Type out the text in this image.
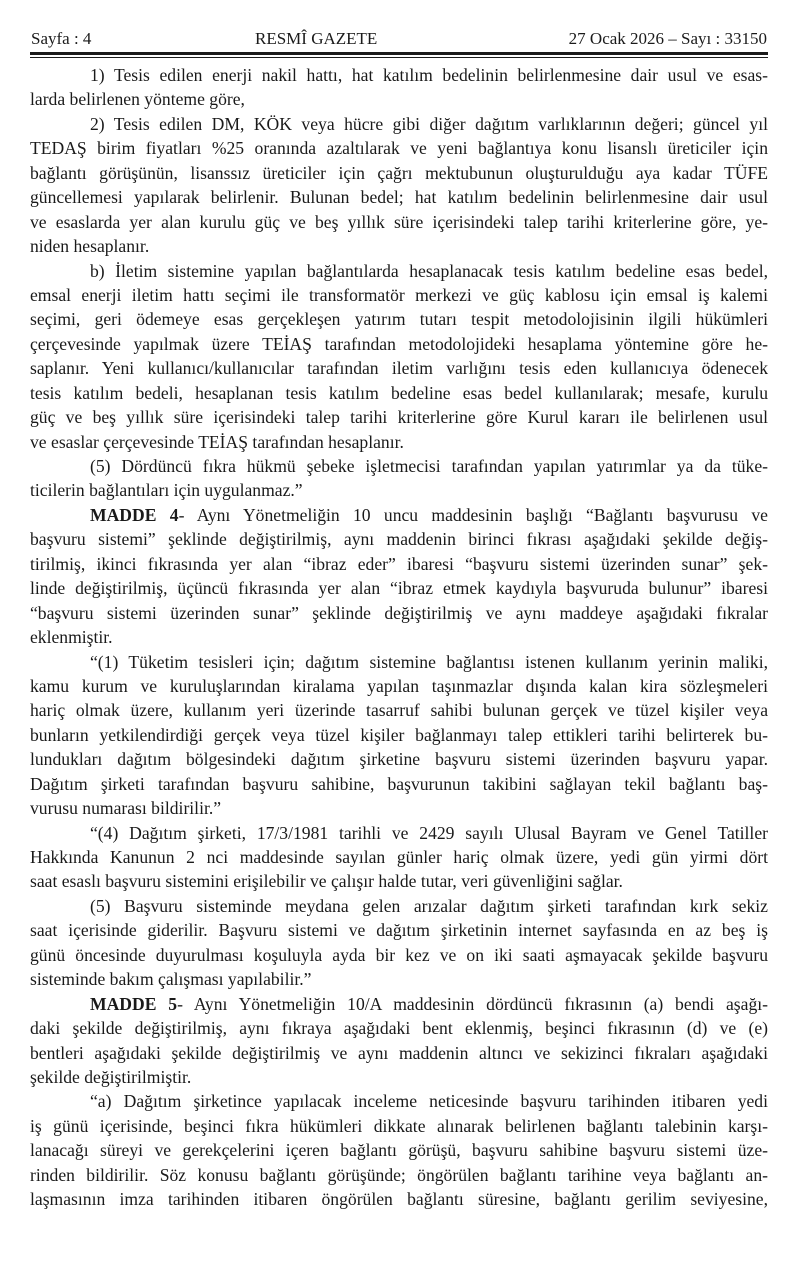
Sayfa : 4	RESMÎ GAZETE	27 Ocak 2026 – Sayı : 33150
1) Tesis edilen enerji nakil hattı, hat katılım bedelinin belirlenmesine dair usul ve esas-
larda belirlenen yönteme göre,
2) Tesis edilen DM, KÖK veya hücre gibi diğer dağıtım varlıklarının değeri; güncel yıl
TEDAŞ birim fiyatları %25 oranında azaltılarak ve yeni bağlantıya konu lisanslı üreticiler için
bağlantı görüşünün, lisanssız üreticiler için çağrı mektubunun oluşturulduğu aya kadar TÜFE
güncellemesi yapılarak belirlenir. Bulunan bedel; hat katılım bedelinin belirlenmesine dair usul
ve esaslarda yer alan kurulu güç ve beş yıllık süre içerisindeki talep tarihi kriterlerine göre, ye-
niden hesaplanır.
b) İletim sistemine yapılan bağlantılarda hesaplanacak tesis katılım bedeline esas bedel,
emsal enerji iletim hattı seçimi ile transformatör merkezi ve güç kablosu için emsal iş kalemi
seçimi, geri ödemeye esas gerçekleşen yatırım tutarı tespit metodolojisinin ilgili hükümleri
çerçevesinde yapılmak üzere TEİAŞ tarafından metodolojideki hesaplama yöntemine göre he-
saplanır. Yeni kullanıcı/kullanıcılar tarafından iletim varlığını tesis eden kullanıcıya ödenecek
tesis katılım bedeli, hesaplanan tesis katılım bedeline esas bedel kullanılarak; mesafe, kurulu
güç ve beş yıllık süre içerisindeki talep tarihi kriterlerine göre Kurul kararı ile belirlenen usul
ve esaslar çerçevesinde TEİAŞ tarafından hesaplanır.
(5) Dördüncü fıkra hükmü şebeke işletmecisi tarafından yapılan yatırımlar ya da tüke-
ticilerin bağlantıları için uygulanmaz.”
MADDE 4- Aynı Yönetmeliğin 10 uncu maddesinin başlığı “Bağlantı başvurusu ve
başvuru sistemi” şeklinde değiştirilmiş, aynı maddenin birinci fıkrası aşağıdaki şekilde değiş-
tirilmiş, ikinci fıkrasında yer alan “ibraz eder” ibaresi “başvuru sistemi üzerinden sunar” şek-
linde değiştirilmiş, üçüncü fıkrasında yer alan “ibraz etmek kaydıyla başvuruda bulunur” ibaresi
“başvuru sistemi üzerinden sunar” şeklinde değiştirilmiş ve aynı maddeye aşağıdaki fıkralar
eklenmiştir.
“(1) Tüketim tesisleri için; dağıtım sistemine bağlantısı istenen kullanım yerinin maliki,
kamu kurum ve kuruluşlarından kiralama yapılan taşınmazlar dışında kalan kira sözleşmeleri
hariç olmak üzere, kullanım yeri üzerinde tasarruf sahibi bulunan gerçek ve tüzel kişiler veya
bunların yetkilendirdiği gerçek veya tüzel kişiler bağlanmayı talep ettikleri tarihi belirterek bu-
lundukları dağıtım bölgesindeki dağıtım şirketine başvuru sistemi üzerinden başvuru yapar.
Dağıtım şirketi tarafından başvuru sahibine, başvurunun takibini sağlayan tekil bağlantı baş-
vurusu numarası bildirilir.”
“(4) Dağıtım şirketi, 17/3/1981 tarihli ve 2429 sayılı Ulusal Bayram ve Genel Tatiller
Hakkında Kanunun 2 nci maddesinde sayılan günler hariç olmak üzere, yedi gün yirmi dört
saat esaslı başvuru sistemini erişilebilir ve çalışır halde tutar, veri güvenliğini sağlar.
(5) Başvuru sisteminde meydana gelen arızalar dağıtım şirketi tarafından kırk sekiz
saat içerisinde giderilir. Başvuru sistemi ve dağıtım şirketinin internet sayfasında en az beş iş
günü öncesinde duyurulması koşuluyla ayda bir kez ve on iki saati aşmayacak şekilde başvuru
sisteminde bakım çalışması yapılabilir.”
MADDE 5- Aynı Yönetmeliğin 10/A maddesinin dördüncü fıkrasının (a) bendi aşağı-
daki şekilde değiştirilmiş, aynı fıkraya aşağıdaki bent eklenmiş, beşinci fıkrasının (d) ve (e)
bentleri aşağıdaki şekilde değiştirilmiş ve aynı maddenin altıncı ve sekizinci fıkraları aşağıdaki
şekilde değiştirilmiştir.
“a) Dağıtım şirketince yapılacak inceleme neticesinde başvuru tarihinden itibaren yedi
iş günü içerisinde, beşinci fıkra hükümleri dikkate alınarak belirlenen bağlantı talebinin karşı-
lanacağı süreyi ve gerekçelerini içeren bağlantı görüşü, başvuru sahibine başvuru sistemi üze-
rinden bildirilir. Söz konusu bağlantı görüşünde; öngörülen bağlantı tarihine veya bağlantı an-
laşmasının imza tarihinden itibaren öngörülen bağlantı süresine, bağlantı gerilim seviyesine,
